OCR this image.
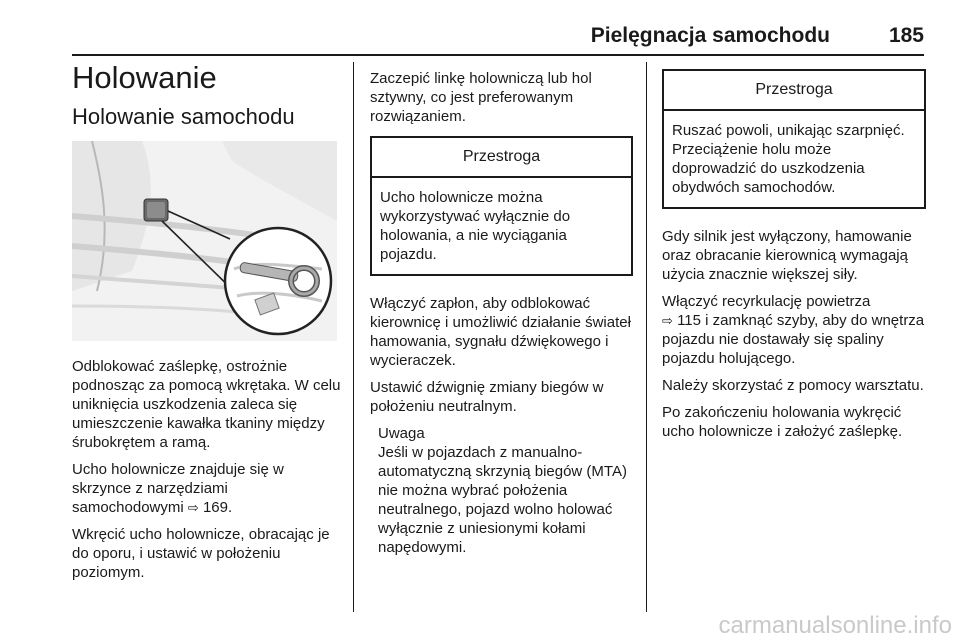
Pielęgnacja samochodu	185
Holowanie
Holowanie samochodu

Odblokować zaślepkę, ostrożnie podnosząc za pomocą wkrętaka. W celu uniknięcia uszkodzenia zaleca się umieszczenie kawałka tkaniny między śrubokrętem a ramą.

Ucho holownicze znajduje się w skrzynce z narzędziami samochodowymi ⇨ 169.

Wkręcić ucho holownicze, obracając je do oporu, i ustawić w położeniu poziomym.

Zaczepić linkę holowniczą lub hol sztywny, co jest preferowanym rozwiązaniem.

Przestroga
Ucho holownicze można wykorzystywać wyłącznie do holowania, a nie wyciągania pojazdu.

Włączyć zapłon, aby odblokować kierownicę i umożliwić działanie świateł hamowania, sygnału dźwiękowego i wycieraczek.

Ustawić dźwignię zmiany biegów w położeniu neutralnym.

Uwaga
Jeśli w pojazdach z manualno-automatyczną skrzynią biegów (MTA) nie można wybrać położenia neutralnego, pojazd wolno holować wyłącznie z uniesionymi kołami napędowymi.
Przestroga
Ruszać powoli, unikając szarpnięć. Przeciążenie holu może doprowadzić do uszkodzenia obydwóch samochodów.

Gdy silnik jest wyłączony, hamowanie oraz obracanie kierownicą wymagają użycia znacznie większej siły.

Włączyć recyrkulację powietrza
⇨ 115 i zamknąć szyby, aby do wnętrza pojazdu nie dostawały się spaliny pojazdu holującego.

Należy skorzystać z pomocy warsztatu.

Po zakończeniu holowania wykręcić ucho holownicze i założyć zaślepkę.

carmanualsonline.info
